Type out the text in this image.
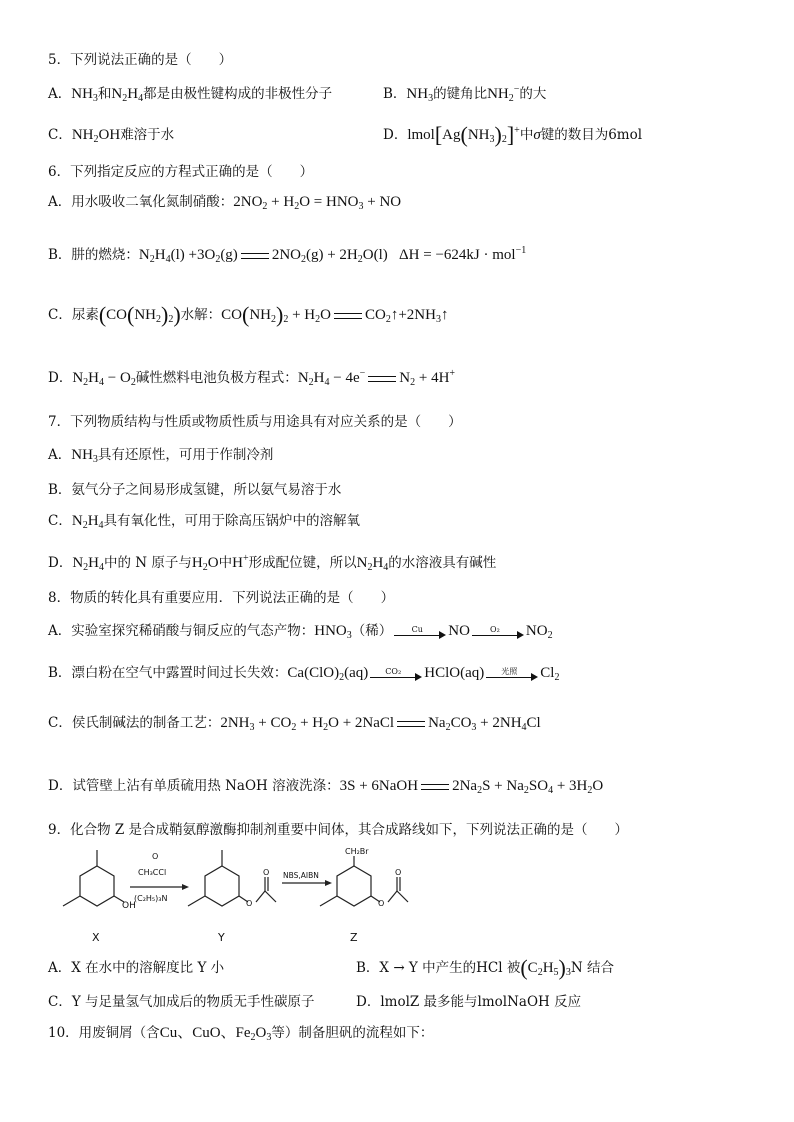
5．下列说法正确的是（　　）
A．$NH_3$和$N_2H_4$都是由极性键构成的非极性分子	B．$NH_3$的键角比$NH_2^-$的大
C．$NH_2OH$难溶于水	D．$lmol[Ag(NH_3)_2]^+$中σ键的数目为6mol
6．下列指定反应的方程式正确的是（　　）
A．用水吸收二氧化氮制硝酸：$2NO_2 + H_2O = HNO_3$ + NO
B．肼的燃烧：$N_2H_4(l) +3O_2(g) 2NO_2(g) + 2H_2O(l) \Delta H = -624kJ \cdot mol^{-1}$
C．尿素$(CO(NH_2)_2)$水解：$CO(NH_2)_2 + H_2O$ $CO_2↑+2NH_3↑$
D．$N_2H_4 - O_2$碱性燃料电池负极方程式：$N_2H_4 - 4e^-$ $N_2 + 4H^+$
7．下列物质结构与性质或物质性质与用途具有对应关系的是（　　）
A．$NH_3$具有还原性，可用于作制冷剂
B．氨气分子之间易形成氢键，所以氨气易溶于水
C．$N_2H_4$具有氧化性，可用于除高压锅炉中的溶解氧
D．$N_2H_4$中的 N 原子与$H_2O$中H+形成配位键，所以$N_2H_4$的水溶液具有碱性
8．物质的转化具有重要应用．下列说法正确的是（　　）
A．实验室探究稀硝酸与铜反应的气态产物：$HNO_3$（稀）	Cu	NO	O₂	$NO_2$
B．漂白粉在空气中露置时间过长失效：$Ca(ClO)_2(aq)$	CO₂	HClO(aq)	光照	$Cl_2$
C．侯氏制碱法的制备工艺：$2NH_3 + CO_2 + H_2O$ + 2NaCl $Na_2CO_3 + 2NH_4Cl$
D．试管壁上沾有单质硫用热 NaOH 溶液洗涤：3S + 6NaOH $2Na_2S + Na_2SO_4 + 3H_2O$
9．化合物 Z 是合成鞘氨醇激酶抑制剂重要中间体，其合成路线如下，下列说法正确的是（　　）
OH	O
O
O
O
CH₂Br
O
CH₃CCl
(C₂H₅)₃N
NBS,AIBN
X	Y	Z
A．X 在水中的溶解度比 Y 小	B．X → Y 中产生的HCl 被$(C_2H_5)_3N$ 结合
C．Y 与足量氢气加成后的物质无手性碳原子	D．lmolZ 最多能与lmolNaOH 反应
10．用废铜屑（含Cu、CuO、$Fe_2O_3$等）制备胆矾的流程如下：
